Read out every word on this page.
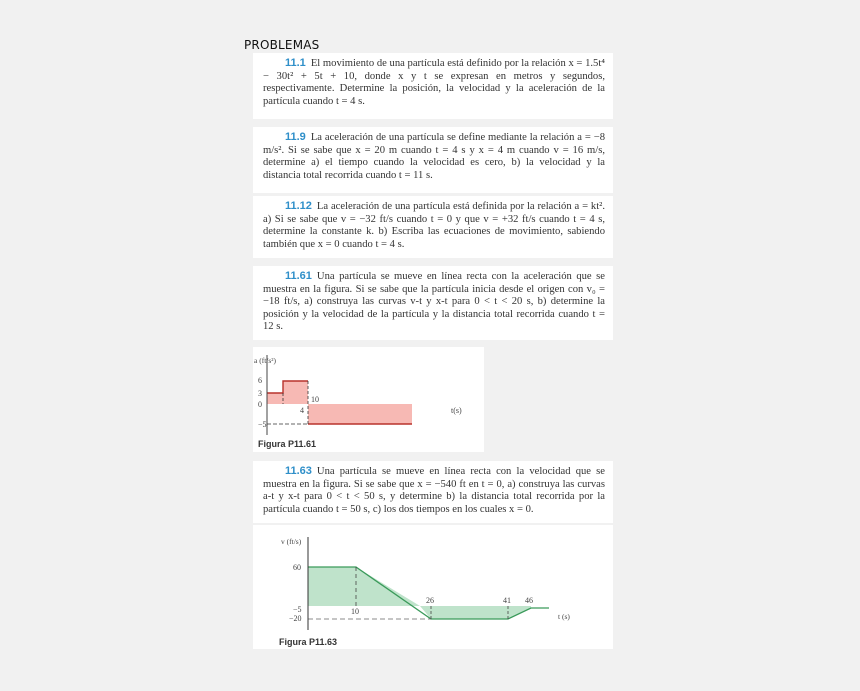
PROBLEMAS
11.1 El movimiento de una partícula está definido por la relación x = 1.5t⁴ − 30t² + 5t + 10, donde x y t se expresan en metros y segundos, respectivamente. Determine la posición, la velocidad y la aceleración de la partícula cuando t = 4 s.
11.9 La aceleración de una partícula se define mediante la relación a = −8 m/s². Si se sabe que x = 20 m cuando t = 4 s y x = 4 m cuando v = 16 m/s, determine a) el tiempo cuando la velocidad es cero, b) la velocidad y la distancia total recorrida cuando t = 11 s.
11.12 La aceleración de una partícula está definida por la relación a = kt². a) Si se sabe que v = −32 ft/s cuando t = 0 y que v = +32 ft/s cuando t = 4 s, determine la constante k. b) Escriba las ecuaciones de movimiento, sabiendo también que x = 0 cuando t = 4 s.
11.61 Una partícula se mueve en línea recta con la aceleración que se muestra en la figura. Si se sabe que la partícula inicia desde el origen con v₀ = −18 ft/s, a) construya las curvas v-t y x-t para 0 < t < 20 s, b) determine la posición y la velocidad de la partícula y la distancia total recorrida cuando t = 12 s.
a (ft/s²)
6
3
0
−5
4
10
t(s)
Figura P11.61
11.63 Una partícula se mueve en línea recta con la velocidad que se muestra en la figura. Si se sabe que x = −540 ft en t = 0, a) construya las curvas a-t y x-t para 0 < t < 50 s, y determine b) la distancia total recorrida por la partícula cuando t = 50 s, c) los dos tiempos en los cuales x = 0.
v (ft/s)
60
−5
−20
10
26	41 46
t (s)
Figura P11.63
